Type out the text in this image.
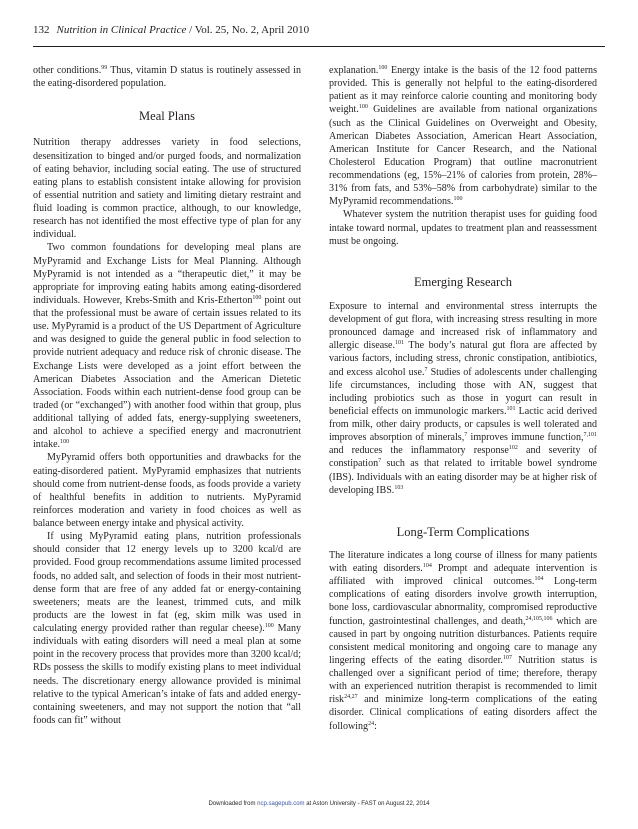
132 Nutrition in Clinical Practice / Vol. 25, No. 2, April 2010

other conditions.$^{99}$ Thus, vitamin D status is routinely assessed in the eating-disordered population.

Meal Plans

Nutrition therapy addresses variety in food selections, desensitization to binged and/or purged foods, and normalization of eating behavior, including social eating. The use of structured eating plans to establish consistent intake allowing for provision of essential nutrition and satiety and limiting dietary restraint and fluid loading is common practice, although, to our knowledge, research has not identified the most effective type of plan for any individual.

Two common foundations for developing meal plans are MyPyramid and Exchange Lists for Meal Planning. Although MyPyramid is not intended as a “therapeutic diet,” it may be appropriate for improving eating habits among eating-disordered individuals. However, Krebs-Smith and Kris-Etherton$^{100}$ point out that the professional must be aware of certain issues related to its use. MyPyramid is a product of the US Department of Agriculture and was designed to guide the general public in food selection to provide nutrient adequacy and reduce risk of chronic disease. The Exchange Lists were developed as a joint effort between the American Diabetes Association and the American Dietetic Association. Foods within each nutrient-dense food group can be traded (or “exchanged”) with another food within that group, plus additional tallying of added fats, energy-supplying sweeteners, and alcohol to achieve a specified energy and macronutrient intake.$^{100}$

MyPyramid offers both opportunities and drawbacks for the eating-disordered patient. MyPyramid emphasizes that nutrients should come from nutrient-dense foods, as foods provide a variety of healthful benefits in addition to nutrients. MyPyramid reinforces moderation and variety in food choices as well as balance between energy intake and physical activity.

If using MyPyramid eating plans, nutrition professionals should consider that 12 energy levels up to 3200 kcal/d are provided. Food group recommendations assume limited processed foods, no added salt, and selection of foods in their most nutrient-dense form that are free of any added fat or energy-containing sweeteners; meats are the leanest, trimmed cuts, and milk products are the lowest in fat (eg, skim milk was used in calculating energy provided rather than regular cheese).$^{100}$ Many individuals with eating disorders will need a meal plan at some point in the recovery process that provides more than 3200 kcal/d; RDs possess the skills to modify existing plans to meet individual needs. The discretionary energy allowance provided is minimal relative to the typical American’s intake of fats and added energy-containing sweeteners, and may not support the notion that “all foods can fit” without

explanation.$^{100}$ Energy intake is the basis of the 12 food patterns provided. This is generally not helpful to the eating-disordered patient as it may reinforce calorie counting and monitoring body weight.$^{100}$ Guidelines are available from national organizations (such as the Clinical Guidelines on Overweight and Obesity, American Diabetes Association, American Heart Association, American Institute for Cancer Research, and the National Cholesterol Education Program) that outline macronutrient recommendations (eg, 15%–21% of calories from protein, 28%–31% from fats, and 53%–58% from carbohydrate) similar to the MyPyramid recommendations.$^{100}$

Whatever system the nutrition therapist uses for guiding food intake toward normal, updates to treatment plan and reassessment must be ongoing.

Emerging Research

Exposure to internal and environmental stress interrupts the development of gut flora, with increasing stress resulting in more pronounced damage and increased risk of inflammatory and allergic disease.$^{101}$ The body’s natural gut flora are affected by various factors, including stress, chronic constipation, antibiotics, and excess alcohol use.$^7$ Studies of adolescents under challenging life circumstances, including those with AN, suggest that including probiotics such as those in yogurt can result in beneficial effects on immunologic markers.$^{101}$ Lactic acid derived from milk, other dairy products, or capsules is well tolerated and improves absorption of minerals,$^7$ improves immune function,$^{7,101}$ and reduces the inflammatory response$^{102}$ and severity of constipation$^7$ such as that related to irritable bowel syndrome (IBS). Individuals with an eating disorder may be at higher risk of developing IBS.$^{103}$

Long-Term Complications

The literature indicates a long course of illness for many patients with eating disorders.$^{104}$ Prompt and adequate intervention is affiliated with improved clinical outcomes.$^{104}$ Long-term complications of eating disorders involve growth interruption, bone loss, cardiovascular abnormality, compromised reproductive function, gastrointestinal challenges, and death,$^{24,105,106}$ which are caused in part by ongoing nutrition disturbances. Patients require consistent medical monitoring and ongoing care to manage any lingering effects of the eating disorder.$^{107}$ Nutrition status is challenged over a significant period of time; therefore, therapy with an experienced nutrition therapist is recommended to limit risk$^{24,27}$ and minimize long-term complications of the eating disorder. Clinical complications of eating disorders affect the following$^{24}$:

Downloaded from ncp.sagepub.com at Aston University - FAST on August 22, 2014
